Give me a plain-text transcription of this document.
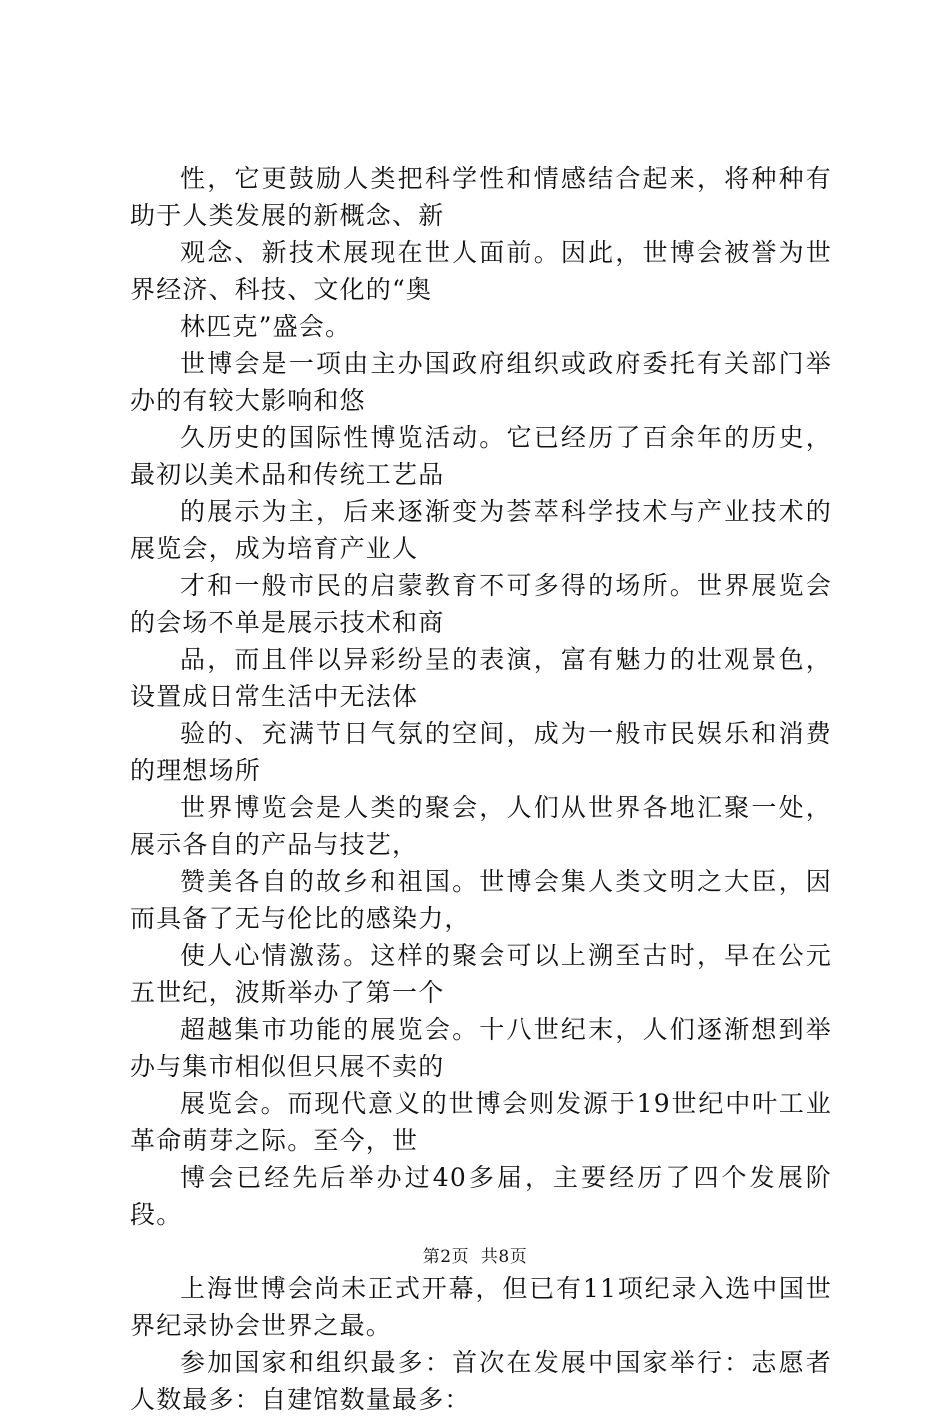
性，它更鼓励人类把科学性和情感结合起来，将种种有助于人类发展的新概念、新

观念、新技术展现在世人面前。因此，世博会被誉为世界经济、科技、文化的“奥

林匹克”盛会。

世博会是一项由主办国政府组织或政府委托有关部门举办的有较大影响和悠

久历史的国际性博览活动。它已经历了百余年的历史，最初以美术品和传统工艺品

的展示为主，后来逐渐变为荟萃科学技术与产业技术的展览会，成为培育产业人

才和一般市民的启蒙教育不可多得的场所。世界展览会的会场不单是展示技术和商

品，而且伴以异彩纷呈的表演，富有魅力的壮观景色，设置成日常生活中无法体

验的、充满节日气氛的空间，成为一般市民娱乐和消费的理想场所

世界博览会是人类的聚会，人们从世界各地汇聚一处，展示各自的产品与技艺，

赞美各自的故乡和祖国。世博会集人类文明之大臣，因而具备了无与伦比的感染力，

使人心情激荡。这样的聚会可以上溯至古时，早在公元五世纪，波斯举办了第一个

超越集市功能的展览会。十八世纪末，人们逐渐想到举办与集市相似但只展不卖的

展览会。而现代意义的世博会则发源于19世纪中叶工业革命萌芽之际。至今，世

博会已经先后举办过40多届，主要经历了四个发展阶段。

上海世博会尚未正式开幕，但已有11项纪录入选中国世界纪录协会世界之最。

参加国家和组织最多：首次在发展中国家举行：志愿者人数最多：自建馆数量最多：

第2页 共8页
